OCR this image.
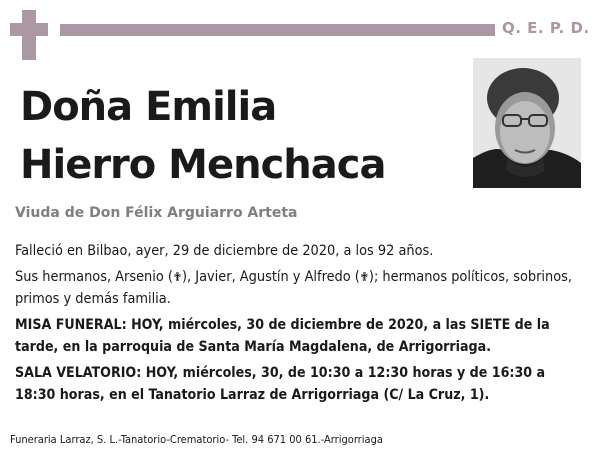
Q. E. P. D.
Doña Emilia
Hierro Menchaca
Viuda de Don Félix Arguiarro Arteta

Falleció en Bilbao, ayer, 29 de diciembre de 2020, a los 92 años.

Sus hermanos, Arsenio (✟), Javier, Agustín y Alfredo (✟); hermanos políticos, sobrinos, primos y demás familia.

MISA FUNERAL: HOY, miércoles, 30 de diciembre de 2020, a las SIETE de la tarde, en la parroquia de Santa María Magdalena, de Arrigorriaga.

SALA VELATORIO: HOY, miércoles, 30, de 10:30 a 12:30 horas y de 16:30 a 18:30 horas, en el Tanatorio Larraz de Arrigorriaga (C/ La Cruz, 1).

Funeraria Larraz, S. L.-Tanatorio-Crematorio- Tel. 94 671 00 61.-Arrigorriaga
